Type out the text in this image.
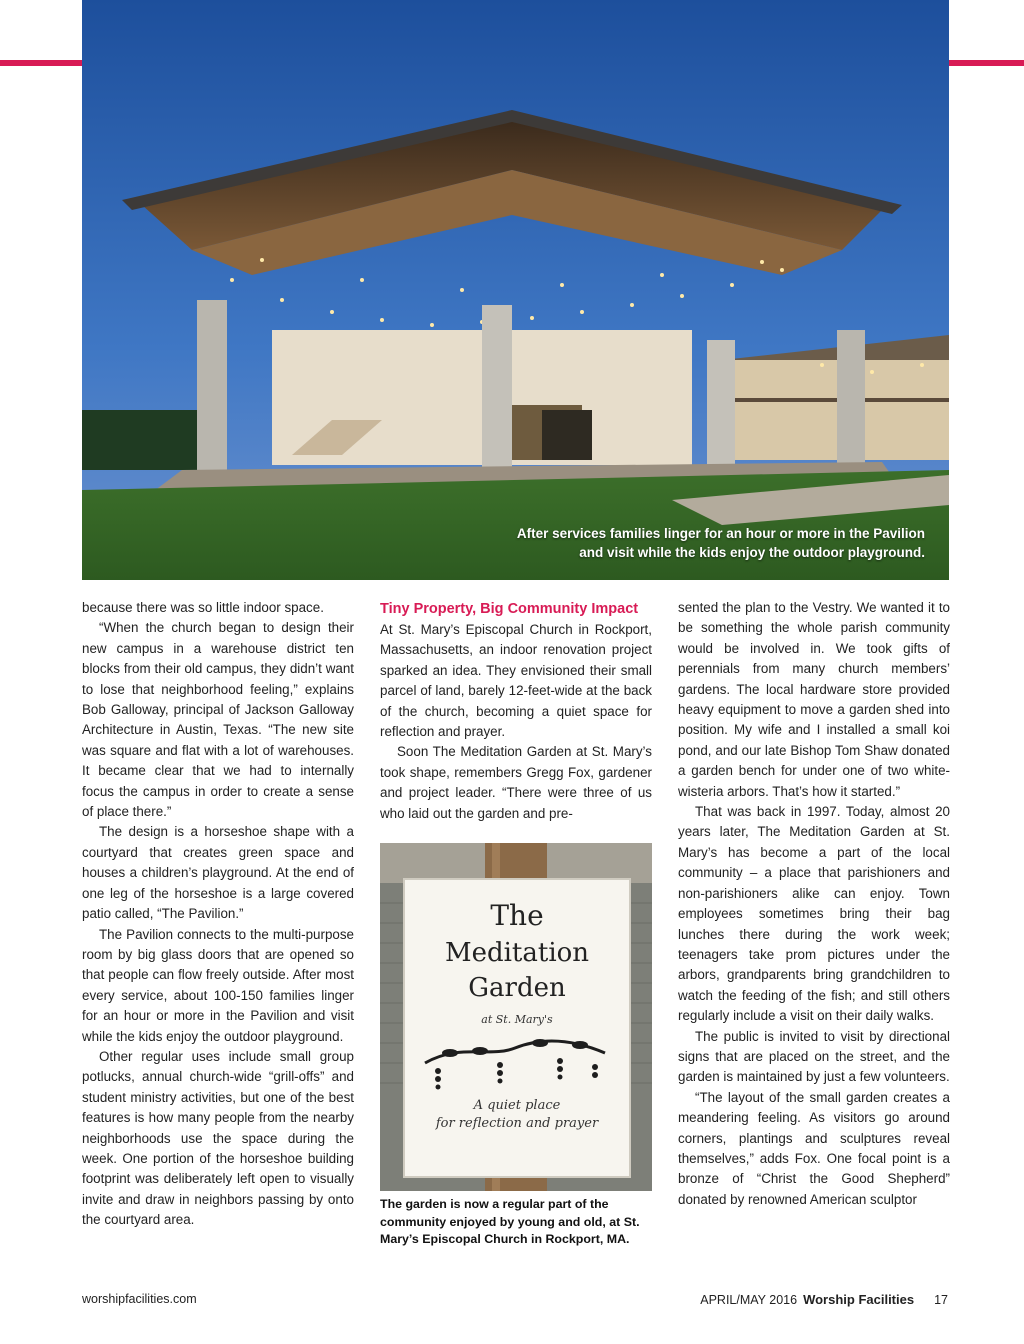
After services families linger for an hour or more in the Pavilion
and visit while the kids enjoy the outdoor playground.

because there was so little indoor space.

“When the church began to design their new campus in a warehouse district ten blocks from their old campus, they didn’t want to lose that neighborhood feeling,” explains Bob Galloway, principal of Jackson Galloway Architecture in Austin, Texas. “The new site was square and flat with a lot of warehouses. It became clear that we had to internally focus the campus in order to create a sense of place there.”

The design is a horseshoe shape with a courtyard that creates green space and houses a children’s playground. At the end of one leg of the horseshoe is a large covered patio called, “The Pavilion.”

The Pavilion connects to the multi-purpose room by big glass doors that are opened so that people can flow freely outside. After most every service, about 100-150 families linger for an hour or more in the Pavilion and visit while the kids enjoy the outdoor playground.

Other regular uses include small group potlucks, annual church-wide “grill-offs” and student ministry activities, but one of the best features is how many people from the nearby neighborhoods use the space during the week. One portion of the horseshoe building footprint was deliberately left open to visually invite and draw in neighbors passing by onto the courtyard area.

Tiny Property, Big Community Impact

At St. Mary’s Episcopal Church in Rockport, Massachusetts, an indoor renovation project sparked an idea. They envisioned their small parcel of land, barely 12-feet-wide at the back of the church, becoming a quiet space for reflection and prayer.

Soon The Meditation Garden at St. Mary’s took shape, remembers Gregg Fox, gardener and project leader. “There were three of us who laid out the garden and pre-

The
Meditation
Garden
at St. Mary's
A quiet place
for reflection and prayer
The garden is now a regular part of the community enjoyed by young and old, at St. Mary’s Episcopal Church in Rockport, MA.

sented the plan to the Vestry. We wanted it to be something the whole parish community would be involved in. We took gifts of perennials from many church members’ gardens. The local hardware store provided heavy equipment to move a garden shed into position. My wife and I installed a small koi pond, and our late Bishop Tom Shaw donated a garden bench for under one of two white-wisteria arbors. That’s how it started.”

That was back in 1997. Today, almost 20 years later, The Meditation Garden at St. Mary’s has become a part of the local community – a place that parishioners and non-parishioners alike can enjoy. Town employees sometimes bring their bag lunches there during the work week; teenagers take prom pictures under the arbors, grandparents bring grandchildren to watch the feeding of the fish; and still others regularly include a visit on their daily walks.

The public is invited to visit by directional signs that are placed on the street, and the garden is maintained by just a few volunteers.

“The layout of the small garden creates a meandering feeling. As visitors go around corners, plantings and sculptures reveal themselves,” adds Fox. One focal point is a bronze of “Christ the Good Shepherd” donated by renowned American sculptor

worshipfacilities.com	APRIL/MAY 2016 Worship Facilities 17
